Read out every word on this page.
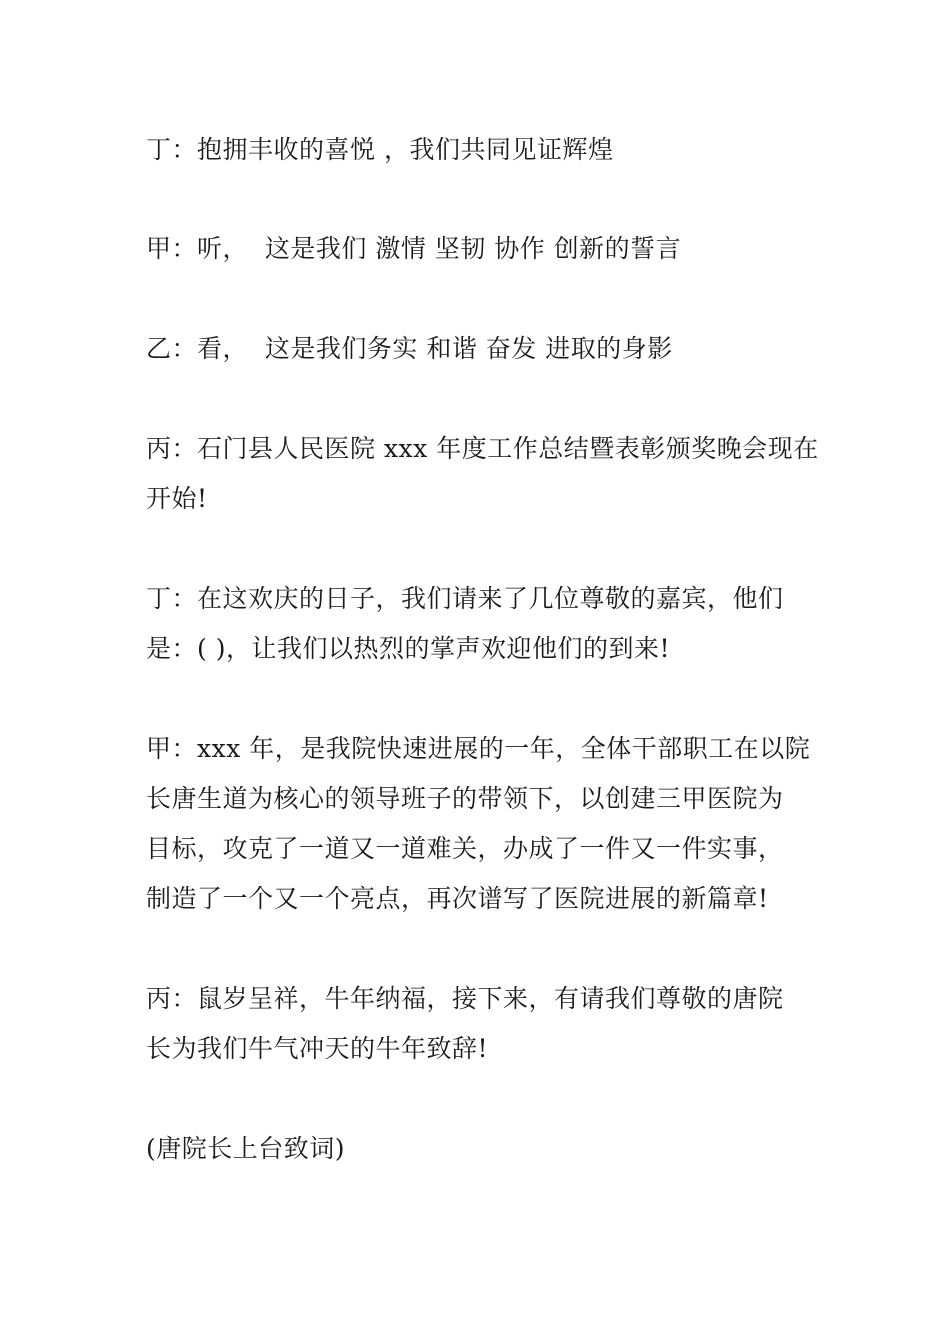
丁：抱拥丰收的喜悦 ，我们共同见证辉煌

甲：听，  这是我们 激情 坚韧 协作 创新的誓言

乙：看，  这是我们务实 和谐 奋发 进取的身影

丙：石门县人民医院 xxx 年度工作总结暨表彰颁奖晚会现在

开始!

丁：在这欢庆的日子，我们请来了几位尊敬的嘉宾，他们

是：( )，让我们以热烈的掌声欢迎他们的到来!

甲：xxx 年，是我院快速进展的一年，全体干部职工在以院

长唐生道为核心的领导班子的带领下，以创建三甲医院为

目标，攻克了一道又一道难关，办成了一件又一件实事，

制造了一个又一个亮点，再次谱写了医院进展的新篇章!

丙：鼠岁呈祥，牛年纳福，接下来，有请我们尊敬的唐院

长为我们牛气冲天的牛年致辞!

(唐院长上台致词)
